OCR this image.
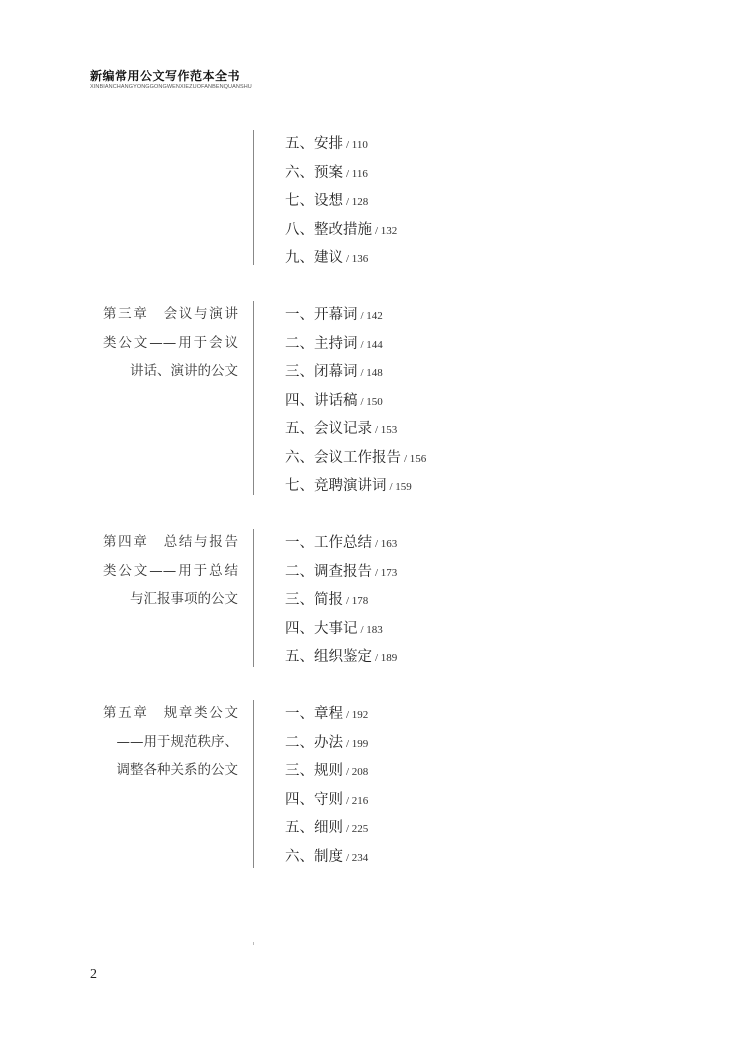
新编常用公文写作范本全书
XINBIANCHANGYONGGONGWENXIEZUOFANBENQUANSHU
五、安排 / 110
六、预案 / 116
七、设想 / 128
八、整改措施 / 132
九、建议 / 136
第三章　会议与演讲
类公文——用于会议
讲话、演讲的公文
一、开幕词 / 142
二、主持词 / 144
三、闭幕词 / 148
四、讲话稿 / 150
五、会议记录 / 153
六、会议工作报告 / 156
七、竞聘演讲词 / 159
第四章　总结与报告
类公文——用于总结
与汇报事项的公文
一、工作总结 / 163
二、调查报告 / 173
三、简报 / 178
四、大事记 / 183
五、组织鉴定 / 189
第五章　规章类公文
——用于规范秩序、
调整各种关系的公文
一、章程 / 192
二、办法 / 199
三、规则 / 208
四、守则 / 216
五、细则 / 225
六、制度 / 234
2
